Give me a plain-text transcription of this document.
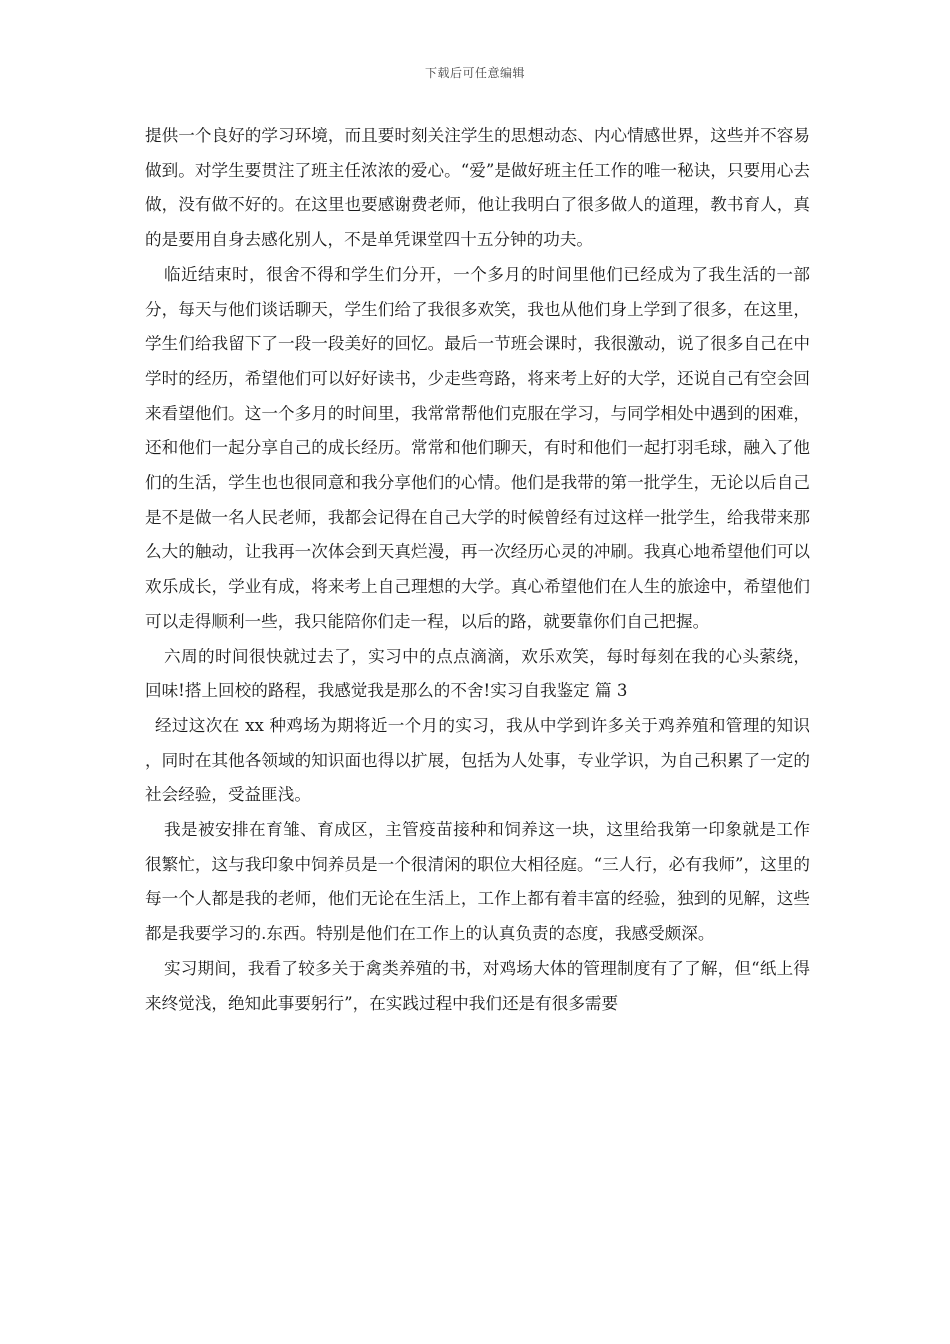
下载后可任意编辑

提供一个良好的学习环境，而且要时刻关注学生的思想动态、内心情感世界，这些并不容易做到。对学生要贯注了班主任浓浓的爱心。“爱”是做好班主任工作的唯一秘诀，只要用心去做，没有做不好的。在这里也要感谢费老师，他让我明白了很多做人的道理，教书育人，真的是要用自身去感化别人，不是单凭课堂四十五分钟的功夫。

临近结束时，很舍不得和学生们分开，一个多月的时间里他们已经成为了我生活的一部分，每天与他们谈话聊天，学生们给了我很多欢笑，我也从他们身上学到了很多，在这里，学生们给我留下了一段一段美好的回忆。最后一节班会课时，我很激动，说了很多自己在中学时的经历，希望他们可以好好读书，少走些弯路，将来考上好的大学，还说自己有空会回来看望他们。这一个多月的时间里，我常常帮他们克服在学习，与同学相处中遇到的困难，还和他们一起分享自己的成长经历。常常和他们聊天，有时和他们一起打羽毛球，融入了他们的生活，学生也也很同意和我分享他们的心情。他们是我带的第一批学生，无论以后自己是不是做一名人民老师，我都会记得在自己大学的时候曾经有过这样一批学生，给我带来那么大的触动，让我再一次体会到天真烂漫，再一次经历心灵的冲刷。我真心地希望他们可以欢乐成长，学业有成，将来考上自己理想的大学。真心希望他们在人生的旅途中，希望他们可以走得顺利一些，我只能陪你们走一程，以后的路，就要靠你们自己把握。

六周的时间很快就过去了，实习中的点点滴滴，欢乐欢笑，每时每刻在我的心头萦绕，回味!搭上回校的路程，我感觉我是那么的不舍!实习自我鉴定 篇 3

经过这次在 xx 种鸡场为期将近一个月的实习，我从中学到许多关于鸡养殖和管理的知识，同时在其他各领域的知识面也得以扩展，包括为人处事，专业学识，为自己积累了一定的社会经验，受益匪浅。

我是被安排在育雏、育成区，主管疫苗接种和饲养这一块，这里给我第一印象就是工作很繁忙，这与我印象中饲养员是一个很清闲的职位大相径庭。“三人行，必有我师”，这里的每一个人都是我的老师，他们无论在生活上，工作上都有着丰富的经验，独到的见解，这些都是我要学习的.东西。特别是他们在工作上的认真负责的态度，我感受颇深。

实习期间，我看了较多关于禽类养殖的书，对鸡场大体的管理制度有了了解，但“纸上得来终觉浅，绝知此事要躬行”，在实践过程中我们还是有很多需要
